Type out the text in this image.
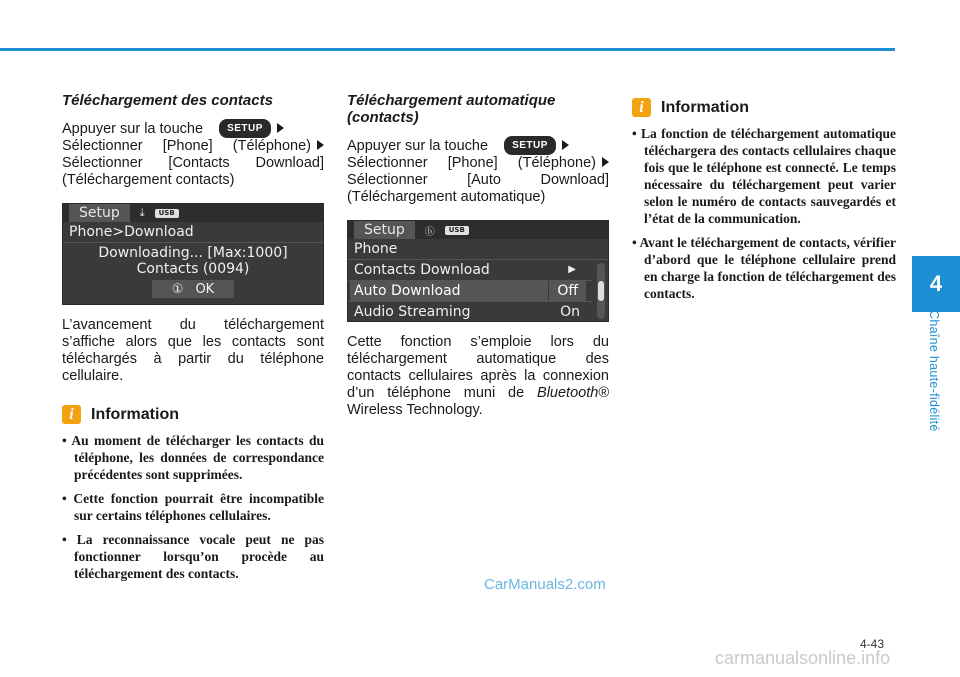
4
Chaîne haute-fidélité
Téléchargement des contacts

Appuyer sur la touche SETUP
Sélectionner [Phone] (Téléphone) Sélectionner [Contacts Download] (Téléchargement contacts)

Setup	⤓	USB
Phone>Download
Downloading... [Max:1000]
Contacts (0094)
① OK

L’avancement du téléchargement s’affiche alors que les contacts sont téléchargés à partir du téléphone cellulaire.

i	Information
• Au moment de télécharger les contacts du téléphone, les données de correspondance précédentes sont supprimées.
• Cette fonction pourrait être incompatible sur certains téléphones cellulaires.
• La reconnaissance vocale peut ne pas fonctionner lorsqu’on procède au téléchargement des contacts.
Téléchargement automatique (contacts)

Appuyer sur la touche SETUP
Sélectionner [Phone] (Téléphone) Sélectionner [Auto Download] (Téléchargement automatique)

Setup	ⓑ	USB
Phone
Contacts Download	▶
Auto Download	Off
Audio Streaming	On

Cette fonction s’emploie lors du téléchargement automatique des contacts cellulaires après la connexion d’un téléphone muni de Bluetooth® Wireless Technology.

i	Information
• La fonction de téléchargement automatique téléchargera des contacts cellulaires chaque fois que le téléphone est connecté. Le temps nécessaire du téléchargement peut varier selon le numéro de contacts sauvegardés et l’état de la communication.
• Avant le téléchargement de contacts, vérifier d’abord que le téléphone cellulaire prend en charge la fonction de téléchargement des contacts.
CarManuals2.com
4-43
carmanualsonline.info
